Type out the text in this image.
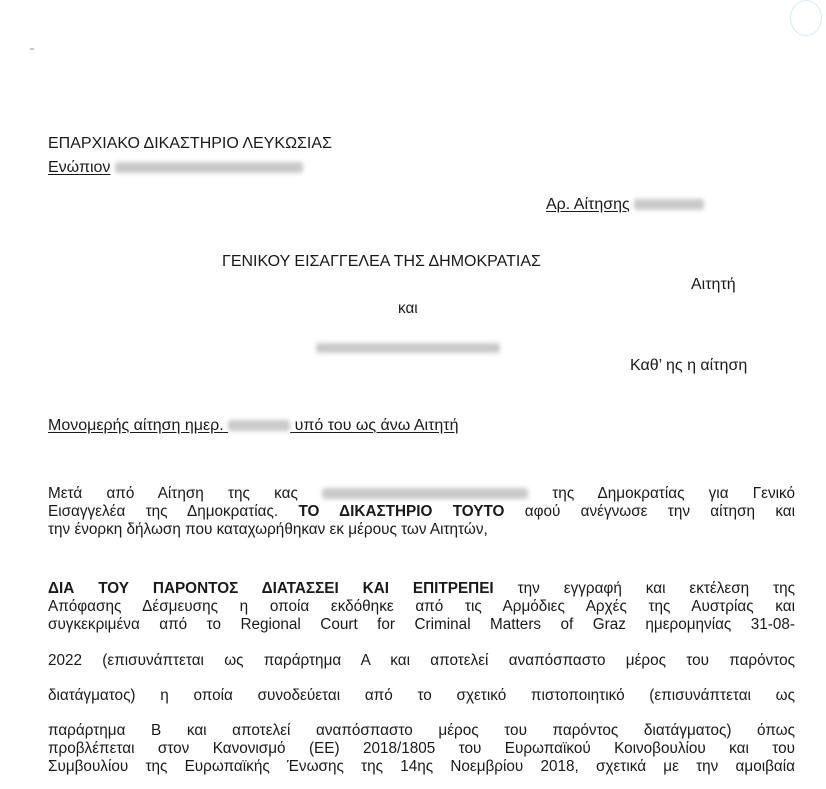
ΕΠΑΡΧΙΑΚΟ ΔΙΚΑΣΤΗΡΙΟ ΛΕΥΚΩΣΙΑΣ
Ενώπιον
Αρ. Αίτησης
ΓΕΝΙΚΟΥ ΕΙΣΑΓΓΕΛΕΑ ΤΗΣ ΔΗΜΟΚΡΑΤΙΑΣ
Αιτητή
και
Καθ’ ης η αίτηση
Μονομερής αίτηση ημερ.	υπό του ως άνω Αιτητή
Μετά από Αίτηση της κας	της Δημοκρατίας για Γενικό
Εισαγγελέα της Δημοκρατίας. ΤΟ ΔΙΚΑΣΤΗΡΙΟ ΤΟΥΤΟ αφού ανέγνωσε την αίτηση και
την ένορκη δήλωση που καταχωρήθηκαν εκ μέρους των Αιτητών,
ΔΙΑ ΤΟΥ ΠΑΡΟΝΤΟΣ ΔΙΑΤΑΣΣΕΙ ΚΑΙ ΕΠΙΤΡΕΠΕΙ την εγγραφή και εκτέλεση της
Απόφασης Δέσμευσης η οποία εκδόθηκε από τις Αρμόδιες Αρχές της Αυστρίας και
συγκεκριμένα από το Regional Court for Criminal Matters of Graz ημερομηνίας 31-08-
2022 (επισυνάπτεται ως παράρτημα Α και αποτελεί αναπόσπαστο μέρος του παρόντος
διατάγματος) η οποία συνοδεύεται από το σχετικό πιστοποιητικό (επισυνάπτεται ως
παράρτημα Β και αποτελεί αναπόσπαστο μέρος του παρόντος διατάγματος) όπως
προβλέπεται στον Κανονισμό (ΕΕ) 2018/1805 του Ευρωπαϊκού Κοινοβουλίου και του
Συμβουλίου της Ευρωπαϊκής Ένωσης της 14ης Νοεμβρίου 2018, σχετικά με την αμοιβαία
